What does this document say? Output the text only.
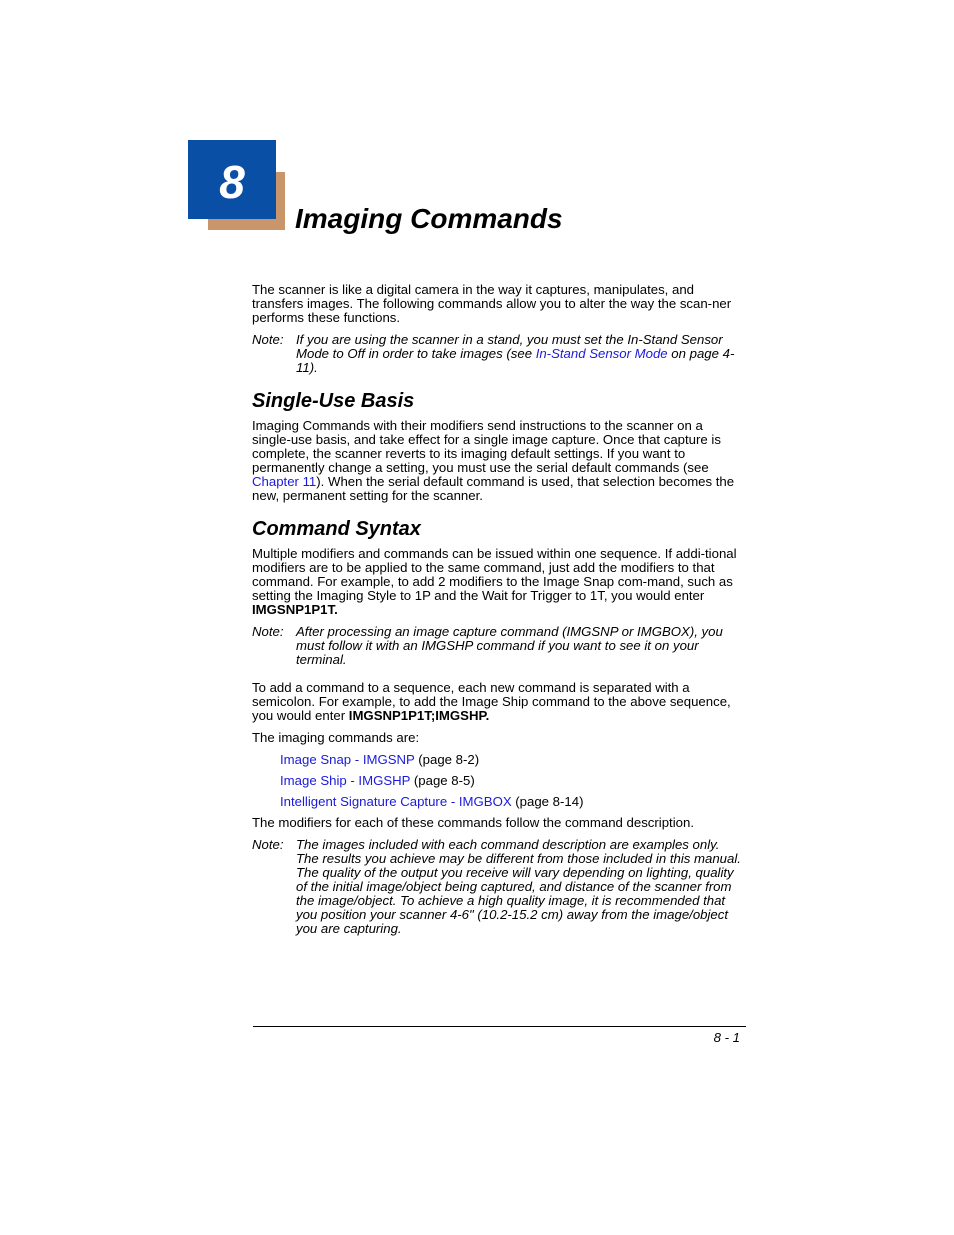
8
Imaging Commands

The scanner is like a digital camera in the way it captures, manipulates, and transfers images. The following commands allow you to alter the way the scan-ner performs these functions.

Note: If you are using the scanner in a stand, you must set the In-Stand Sensor Mode to Off in order to take images (see In-Stand Sensor Mode on page 4-11).
Single-Use Basis

Imaging Commands with their modifiers send instructions to the scanner on a single-use basis, and take effect for a single image capture. Once that capture is complete, the scanner reverts to its imaging default settings. If you want to permanently change a setting, you must use the serial default commands (see Chapter 11). When the serial default command is used, that selection becomes the new, permanent setting for the scanner.

Command Syntax

Multiple modifiers and commands can be issued within one sequence. If addi-tional modifiers are to be applied to the same command, just add the modifiers to that command. For example, to add 2 modifiers to the Image Snap com-mand, such as setting the Imaging Style to 1P and the Wait for Trigger to 1T, you would enter IMGSNP1P1T.

Note: After processing an image capture command (IMGSNP or IMGBOX), you must follow it with an IMGSHP command if you want to see it on your terminal.

To add a command to a sequence, each new command is separated with a semicolon. For example, to add the Image Ship command to the above sequence, you would enter IMGSNP1P1T;IMGSHP.

The imaging commands are:

Image Snap - IMGSNP (page 8-2)

Image Ship - IMGSHP (page 8-5)

Intelligent Signature Capture - IMGBOX (page 8-14)

The modifiers for each of these commands follow the command description.

Note: The images included with each command description are examples only. The results you achieve may be different from those included in this manual. The quality of the output you receive will vary depending on lighting, quality of the initial image/object being captured, and distance of the scanner from the image/object. To achieve a high quality image, it is recommended that you position your scanner 4-6" (10.2-15.2 cm) away from the image/object you are capturing.
8 - 1
